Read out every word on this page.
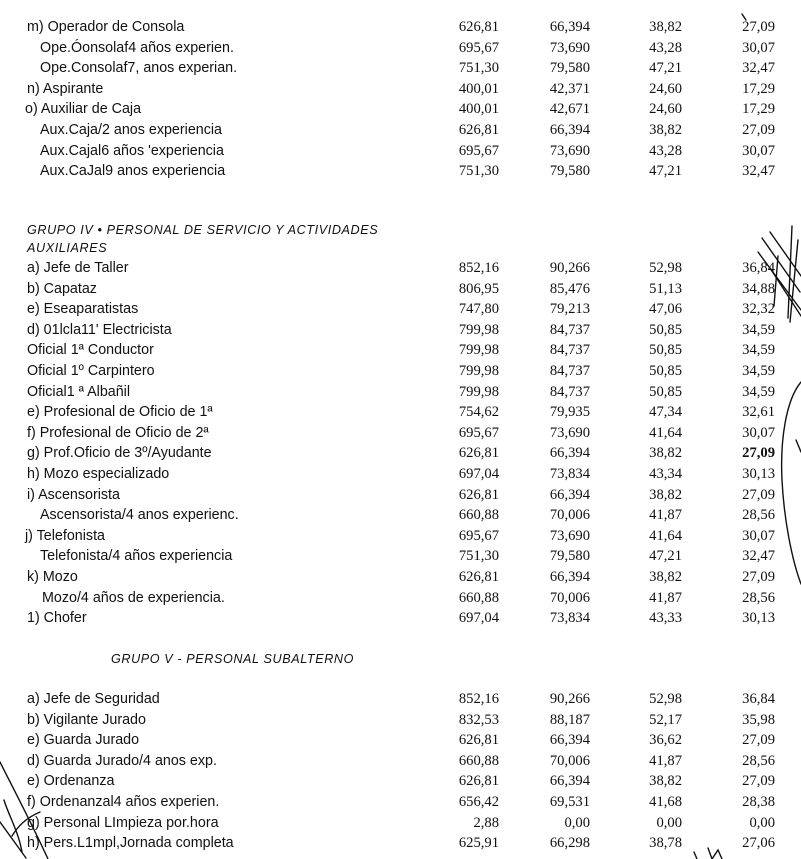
m) Operador de Consola	626,81	66,394	38,82	27,09
Ope.Óonsolaf4 años experien.	695,67	73,690	43,28	30,07
Ope.Consolaf7, anos experian.	751,30	79,580	47,21	32,47
n) Aspirante	400,01	42,371	24,60	17,29
o) Auxiliar de Caja	400,01	42,671	24,60	17,29
Aux.Caja/2 anos experiencia	626,81	66,394	38,82	27,09
Aux.Cajal6 años 'experiencia	695,67	73,690	43,28	30,07
Aux.CaJal9 anos experiencia	751,30	79,580	47,21	32,47
GRUPO IV • PERSONAL DE SERVICIO Y ACTIVIDADES
AUXILIARES
a) Jefe de Taller	852,16	90,266	52,98	36,84
b) Capataz	806,95	85,476	51,13	34,88
e) Eseaparatistas	747,80	79,213	47,06	32,32
d) 01lcla11' Electricista	799,98	84,737	50,85	34,59
Oficial 1ª Conductor	799,98	84,737	50,85	34,59
Oficial 1º Carpintero	799,98	84,737	50,85	34,59
Oficial1 ª Albañil	799,98	84,737	50,85	34,59
e) Profesional de Oficio de 1ª	754,62	79,935	47,34	32,61
f) Profesional de Oficio de 2ª	695,67	73,690	41,64	30,07
g) Prof.Oficio de 3º/Ayudante	626,81	66,394	38,82	27,09
h) Mozo especializado	697,04	73,834	43,34	30,13
i) Ascensorista	626,81	66,394	38,82	27,09
Ascensorista/4 anos experienc.	660,88	70,006	41,87	28,56
j) Telefonista	695,67	73,690	41,64	30,07
Telefonista/4 años experiencia	751,30	79,580	47,21	32,47
k) Mozo	626,81	66,394	38,82	27,09
Mozo/4 años de experiencia.	660,88	70,006	41,87	28,56
1) Chofer	697,04	73,834	43,33	30,13
GRUPO V - PERSONAL SUBALTERNO
a) Jefe de Seguridad	852,16	90,266	52,98	36,84
b) Vigilante Jurado	832,53	88,187	52,17	35,98
e) Guarda Jurado	626,81	66,394	36,62	27,09
d) Guarda Jurado/4 anos exp.	660,88	70,006	41,87	28,56
e) Ordenanza	626,81	66,394	38,82	27,09
f) Ordenanzal4 años experien.	656,42	69,531	41,68	28,38
g) Personal LImpieza por.hora	2,88	0,00	0,00	0,00
h) Pers.L1mpl,Jornada completa	625,91	66,298	38,78	27,06
